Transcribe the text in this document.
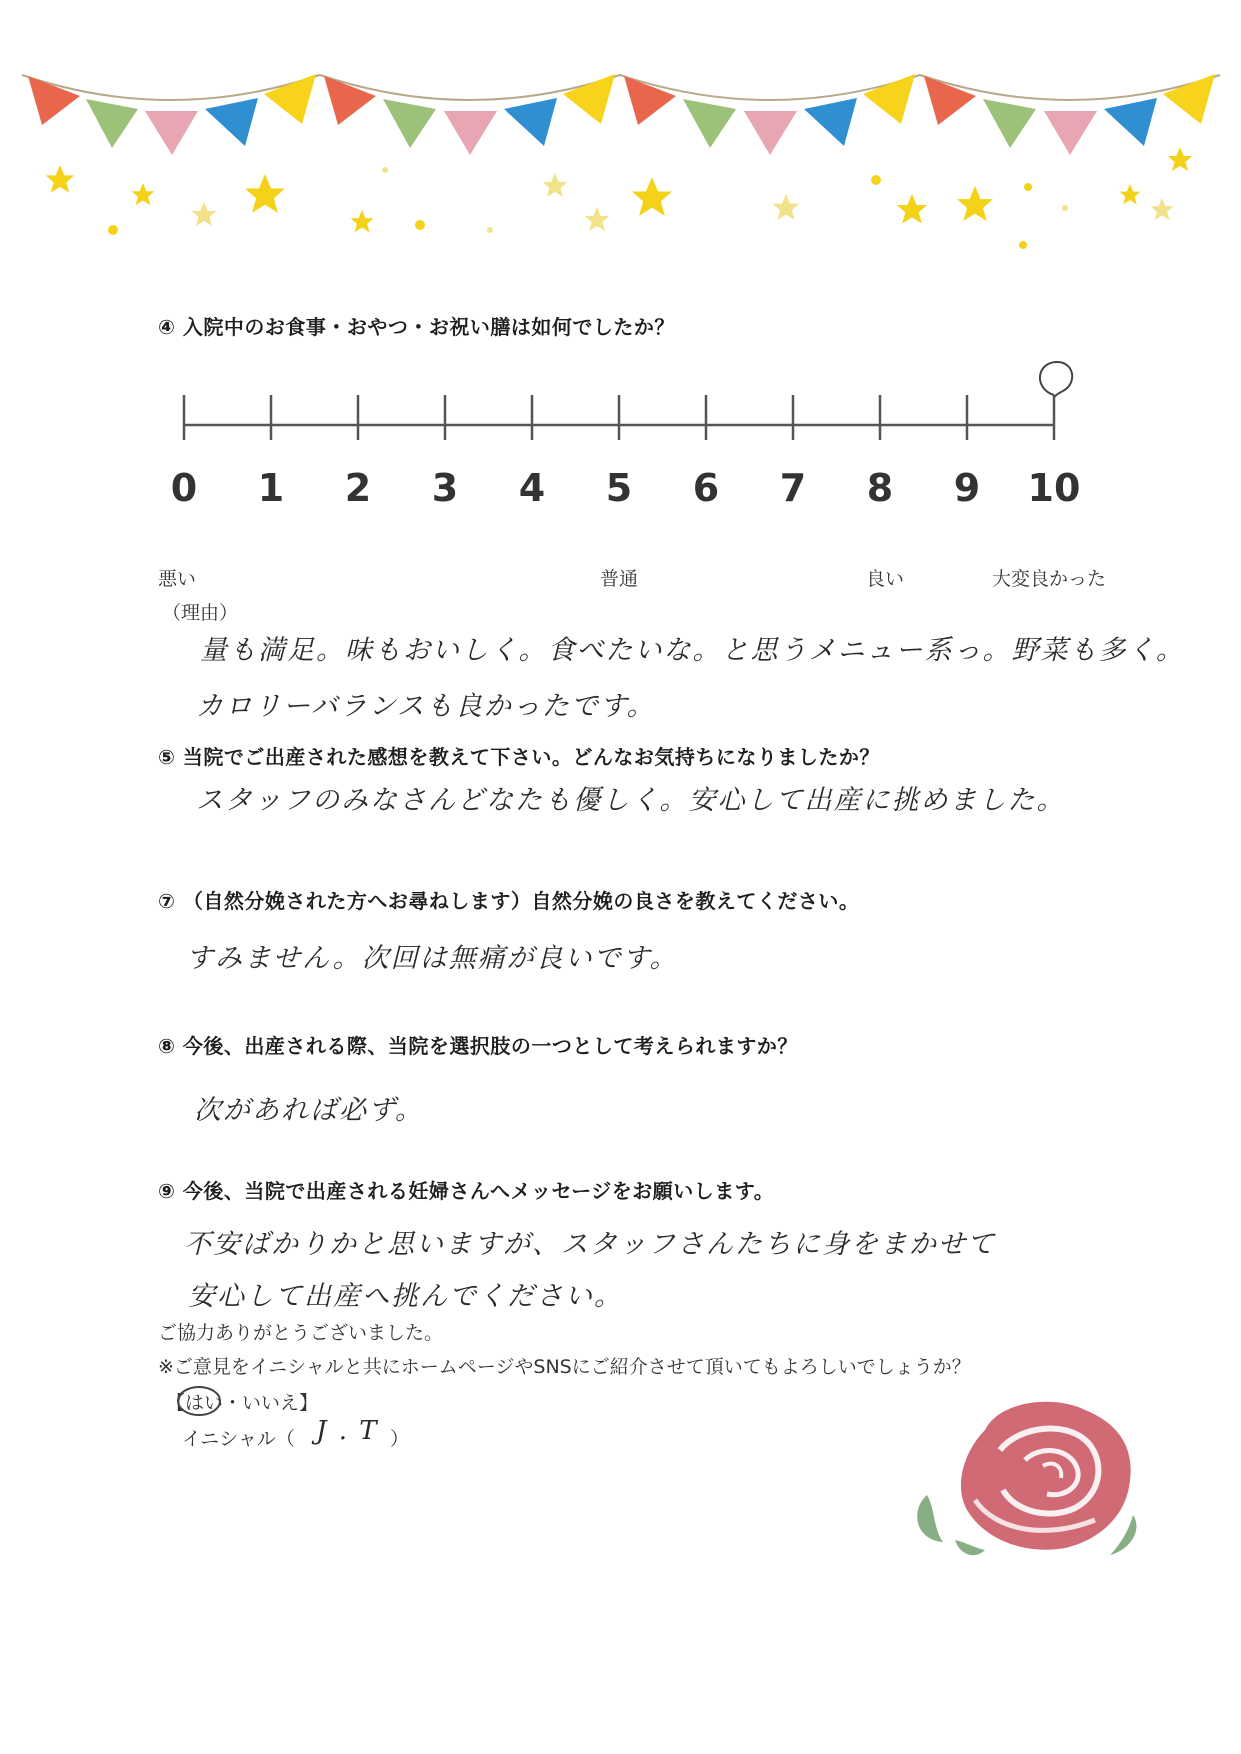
④ 入院中のお食事・おやつ・お祝い膳は如何でしたか？
0	1	2	3	4	5	6	7	8	9	10
悪い	普通	良い	大変良かった
（理由）
量も満足。味もおいしく。食べたいな。と思うメニュー系っ。野菜も多く。
カロリーバランスも良かったです。
⑤ 当院でご出産された感想を教えて下さい。どんなお気持ちになりましたか？
スタッフのみなさんどなたも優しく。安心して出産に挑めました。
⑦ （自然分娩された方へお尋ねします）自然分娩の良さを教えてください。
すみません。次回は無痛が良いです。
⑧ 今後、出産される際、当院を選択肢の一つとして考えられますか？
次があれば必ず。
⑨ 今後、当院で出産される妊婦さんへメッセージをお願いします。
不安ばかりかと思いますが、スタッフさんたちに身をまかせて
安心して出産へ挑んでください。
ご協力ありがとうございました。
※ご意見をイニシャルと共にホームページやSNSにご紹介させて頂いてもよろしいでしょうか？
【はい・いいえ】
イニシャル（ J . T ）
